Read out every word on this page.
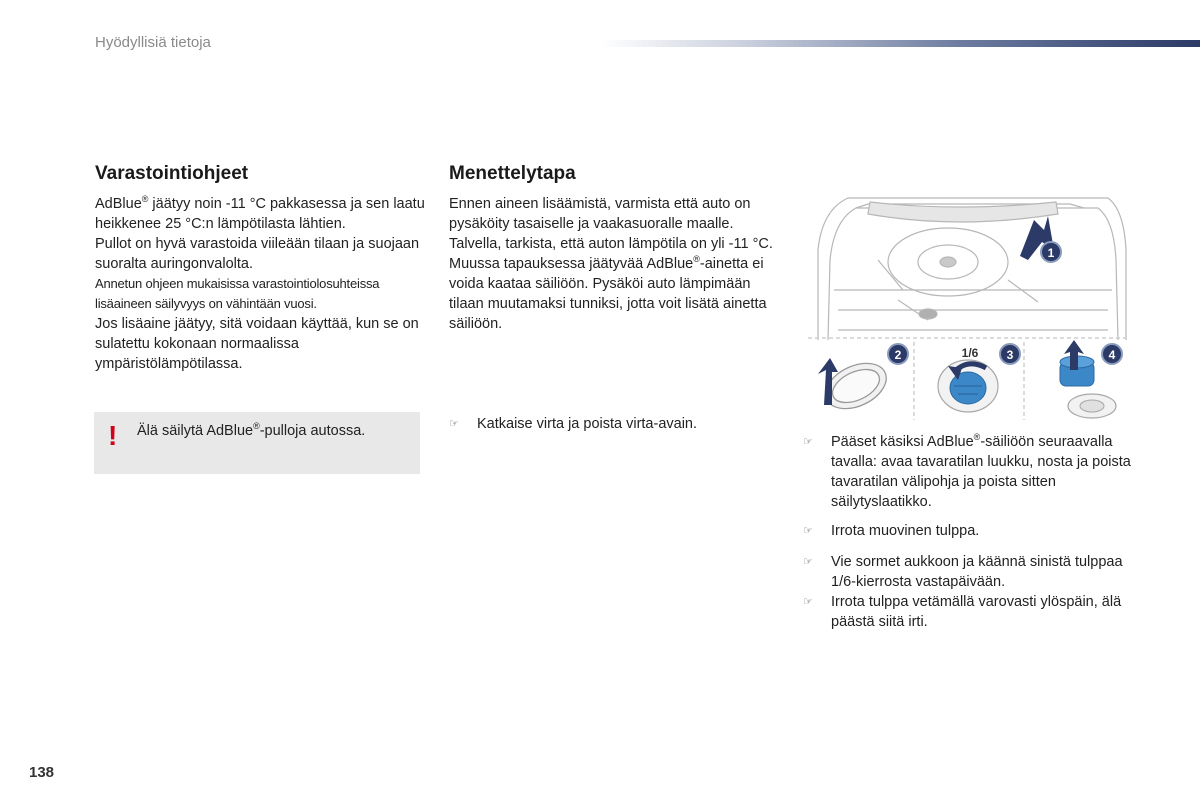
Hyödyllisiä tietoja
Varastointiohjeet

AdBlue® jäätyy noin -11 °C pakkasessa ja sen laatu heikkenee 25 °C:n lämpötilasta lähtien.

Pullot on hyvä varastoida viileään tilaan ja suojaan suoralta auringonvalolta.

Annetun ohjeen mukaisissa varastointiolosuhteissa lisäaineen säilyvyys on vähintään vuosi.

Jos lisäaine jäätyy, sitä voidaan käyttää, kun se on sulatettu kokonaan normaalissa ympäristölämpötilassa.

! Älä säilytä AdBlue®-pulloja autossa.
Menettelytapa

Ennen aineen lisäämistä, varmista että auto on pysäköity tasaiselle ja vaakasuoralle maalle. Talvella, tarkista, että auton lämpötila on yli -11 °C. Muussa tapauksessa jäätyvää AdBlue®-ainetta ei voida kaataa säiliöön. Pysäköi auto lämpimään tilaan muutamaksi tunniksi, jotta voit lisätä ainetta säiliöön.

☞	Katkaise virta ja poista virta-avain.
1
2	1/6 3	4
☞	Pääset käsiksi AdBlue®-säiliöön seuraavalla tavalla: avaa tavaratilan luukku, nosta ja poista tavaratilan välipohja ja poista sitten säilytyslaatikko.
☞	Irrota muovinen tulppa.
☞	Vie sormet aukkoon ja käännä sinistä tulppaa 1/6-kierrosta vastapäivään.
☞	Irrota tulppa vetämällä varovasti ylöspäin, älä päästä siitä irti.
138
